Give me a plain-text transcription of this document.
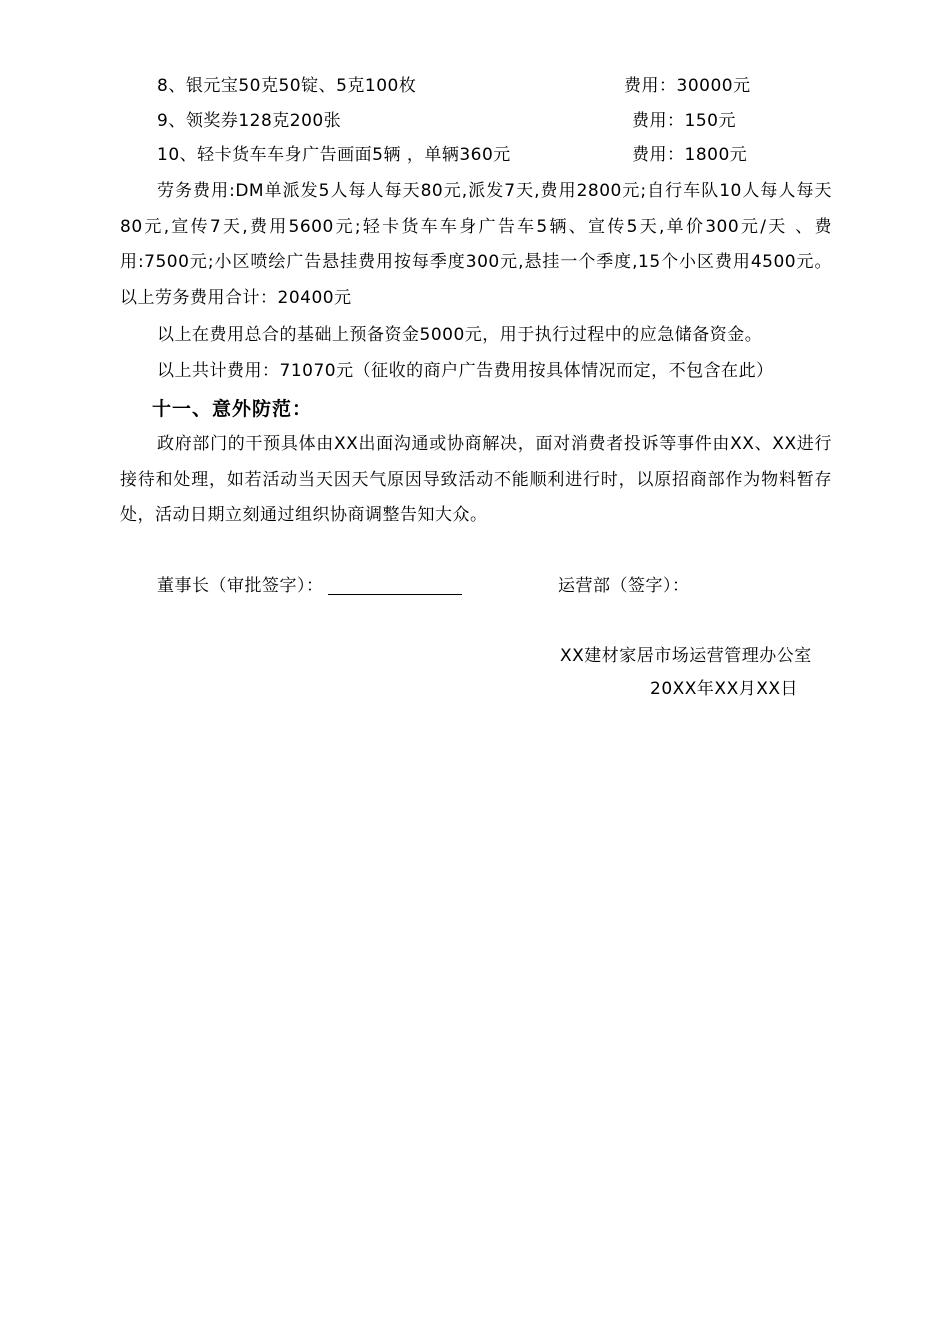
8、银元宝50克50锭、5克100枚	费用：30000元
9、领奖券128克200张	费用：150元
10、轻卡货车车身广告画面5辆 ，单辆360元	费用：1800元
劳务费用:DM单派发5人每人每天80元,派发7天,费用2800元;自行车队10人每人每天80元,宣传7天,费用5600元;轻卡货车车身广告车5辆、宣传5天,单价300元/天 、费用:7500元;小区喷绘广告悬挂费用按每季度300元,悬挂一个季度,15个小区费用4500元。以上劳务费用合计：20400元
以上在费用总合的基础上预备资金5000元，用于执行过程中的应急储备资金。
以上共计费用：71070元（征收的商户广告费用按具体情况而定，不包含在此）
十一、意外防范：
政府部门的干预具体由XX出面沟通或协商解决，面对消费者投诉等事件由XX、XX进行接待和处理，如若活动当天因天气原因导致活动不能顺利进行时，以原招商部作为物料暂存处，活动日期立刻通过组织协商调整告知大众。
董事长（审批签字）：	运营部（签字）：
XX建材家居市场运营管理办公室
20XX年XX月XX日
